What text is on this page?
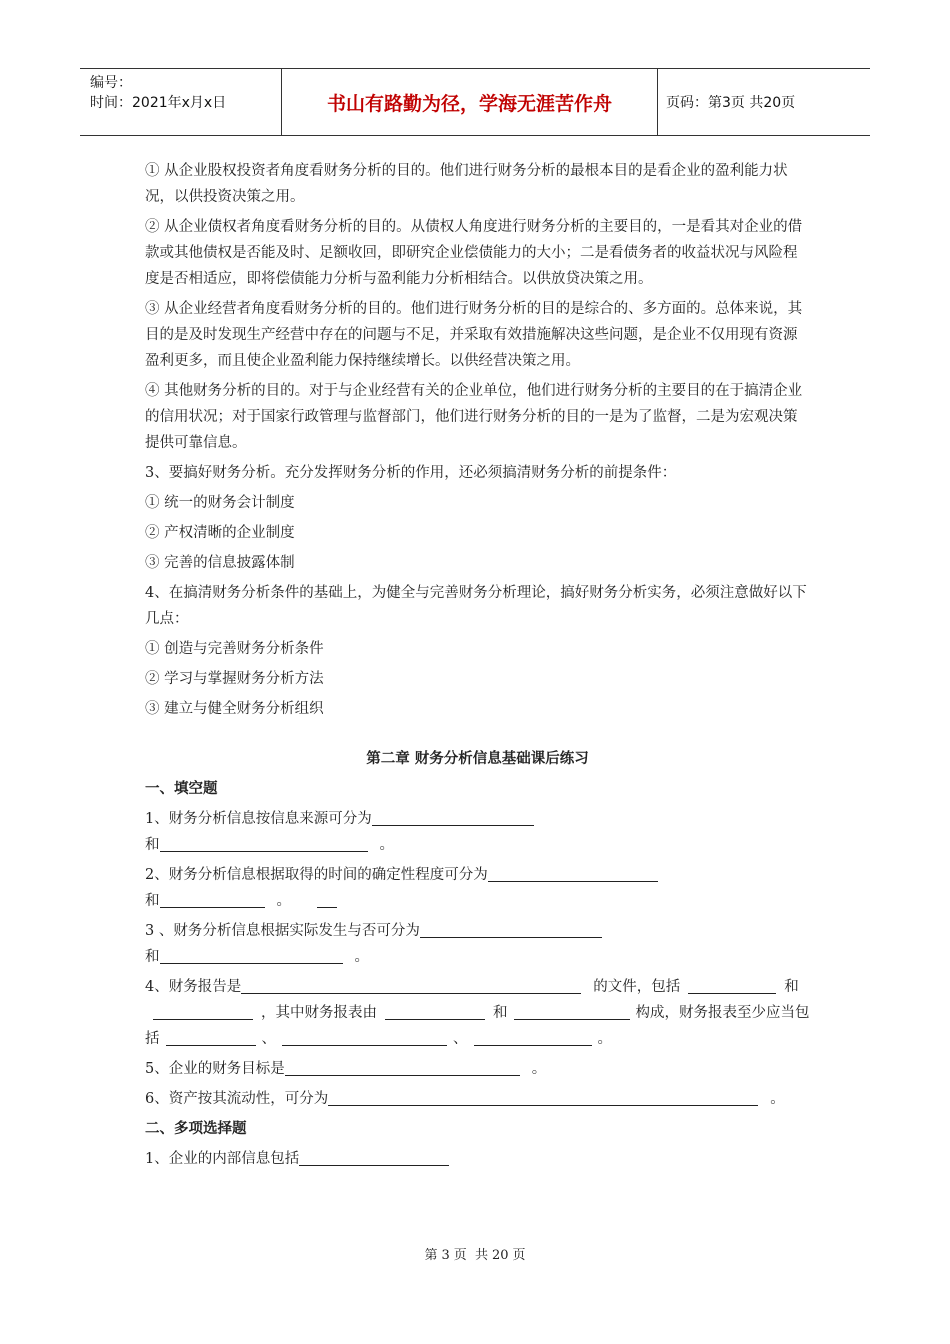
编号：
时间：2021年x月x日	书山有路勤为径，学海无涯苦作舟	页码：第3页 共20页

① 从企业股权投资者角度看财务分析的目的。他们进行财务分析的最根本目的是看企业的盈利能力状况，以供投资决策之用。

② 从企业债权者角度看财务分析的目的。从债权人角度进行财务分析的主要目的，一是看其对企业的借款或其他债权是否能及时、足额收回，即研究企业偿债能力的大小；二是看债务者的收益状况与风险程度是否相适应，即将偿债能力分析与盈利能力分析相结合。以供放贷决策之用。

③ 从企业经营者角度看财务分析的目的。他们进行财务分析的目的是综合的、多方面的。总体来说，其目的是及时发现生产经营中存在的问题与不足，并采取有效措施解决这些问题，是企业不仅用现有资源盈利更多，而且使企业盈利能力保持继续增长。以供经营决策之用。

④ 其他财务分析的目的。对于与企业经营有关的企业单位，他们进行财务分析的主要目的在于搞清企业的信用状况；对于国家行政管理与监督部门，他们进行财务分析的目的一是为了监督，二是为宏观决策提供可靠信息。

3、要搞好财务分析。充分发挥财务分析的作用，还必须搞清财务分析的前提条件：

① 统一的财务会计制度

② 产权清晰的企业制度

③ 完善的信息披露体制

4、在搞清财务分析条件的基础上，为健全与完善财务分析理论，搞好财务分析实务，必须注意做好以下几点：

① 创造与完善财务分析条件

② 学习与掌握财务分析方法

③ 建立与健全财务分析组织

第二章 财务分析信息基础课后练习
一、填空题

1、财务分析信息按信息来源可分为
和	。

2、财务分析信息根据取得的时间的确定性程度可分为
和	。

3 、财务分析信息根据实际发生与否可分为
和	。

4、财务报告是	的文件，包括	和，其中财务报表由	和	构成，财务报表至少应当包括	、	、	。

5、企业的财务目标是	。

6、资产按其流动性，可分为	。

二、多项选择题

1、企业的内部信息包括

第 3 页 共 20 页
